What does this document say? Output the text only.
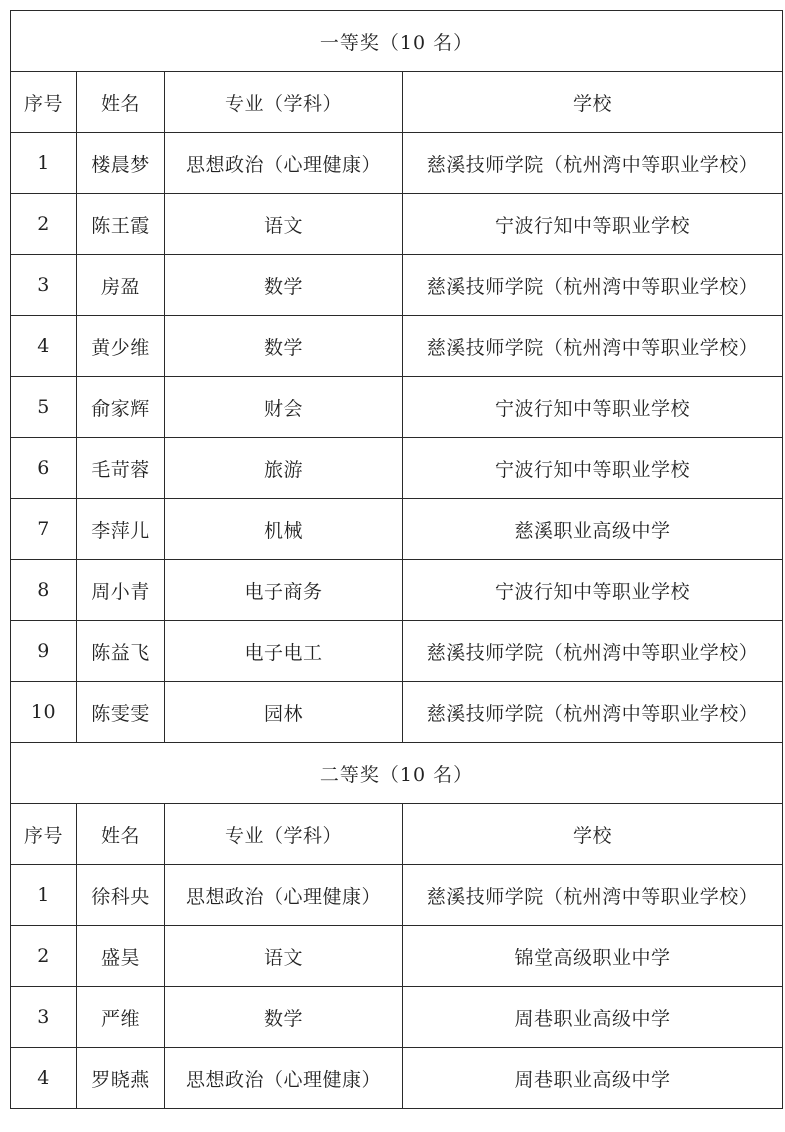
一等奖（10 名）			
序号	姓名	专业（学科）	学校
1	楼晨梦	思想政治（心理健康）	慈溪技师学院（杭州湾中等职业学校）
2	陈王霞	语文	宁波行知中等职业学校
3	房盈	数学	慈溪技师学院（杭州湾中等职业学校）
4	黄少维	数学	慈溪技师学院（杭州湾中等职业学校）
5	俞家辉	财会	宁波行知中等职业学校
6	毛苛蓉	旅游	宁波行知中等职业学校
7	李萍儿	机械	慈溪职业高级中学
8	周小青	电子商务	宁波行知中等职业学校
9	陈益飞	电子电工	慈溪技师学院（杭州湾中等职业学校）
10	陈雯雯	园林	慈溪技师学院（杭州湾中等职业学校）
二等奖（10 名）			
序号	姓名	专业（学科）	学校
1	徐科央	思想政治（心理健康）	慈溪技师学院（杭州湾中等职业学校）
2	盛昊	语文	锦堂高级职业中学
3	严维	数学	周巷职业高级中学
4	罗晓燕	思想政治（心理健康）	周巷职业高级中学
